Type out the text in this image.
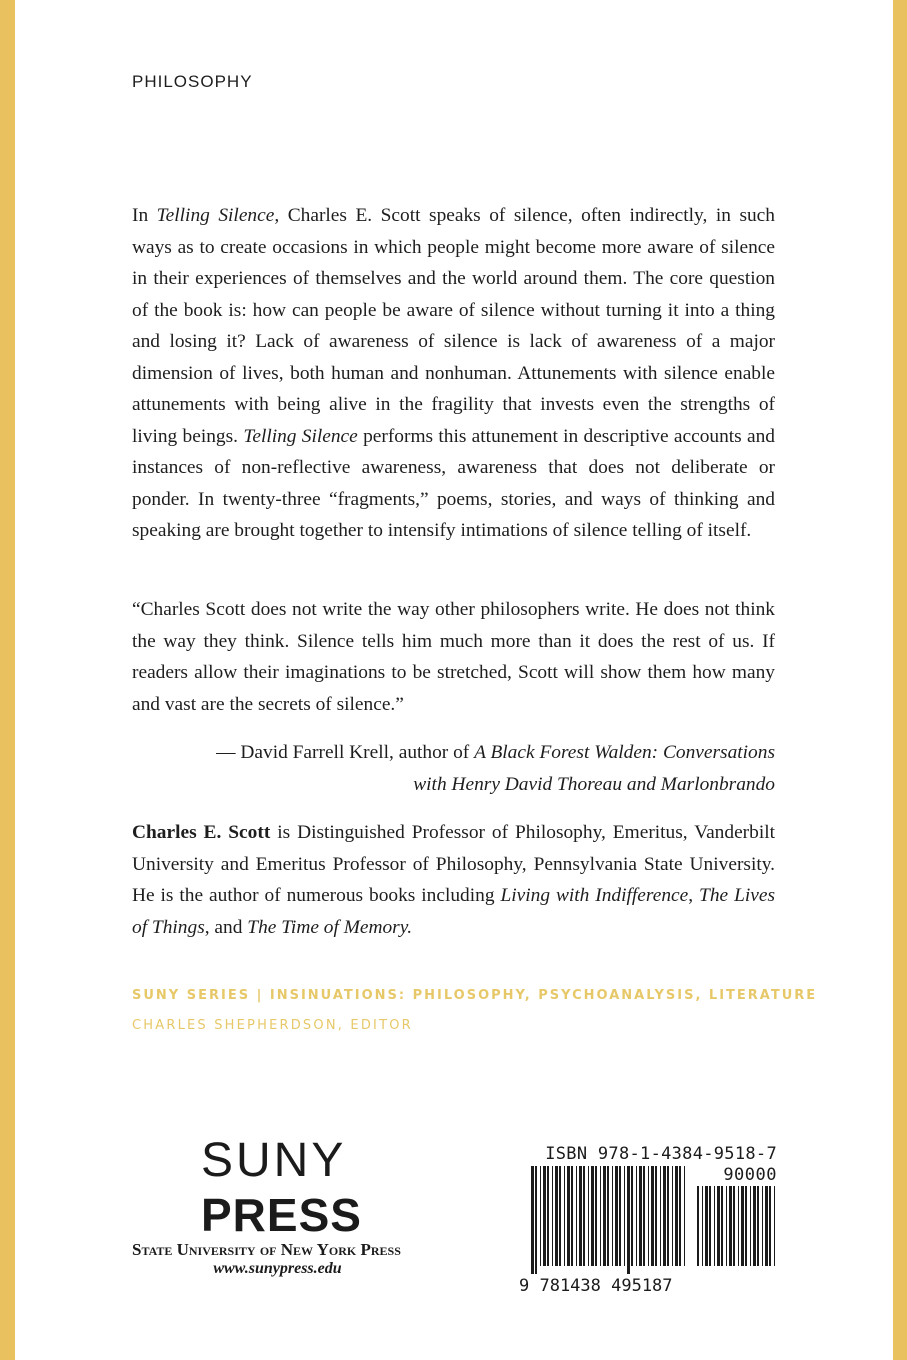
PHILOSOPHY

In Telling Silence, Charles E. Scott speaks of silence, often indirectly, in such ways as to create occasions in which people might become more aware of silence in their experiences of themselves and the world around them. The core question of the book is: how can people be aware of silence without turning it into a thing and losing it? Lack of awareness of silence is lack of awareness of a major dimension of lives, both human and nonhuman. Attunements with silence enable attunements with being alive in the fragility that invests even the strengths of living beings. Telling Silence performs this attunement in descriptive accounts and instances of non-reflective awareness, awareness that does not deliberate or ponder. In twenty-three “fragments,” poems, stories, and ways of thinking and speaking are brought together to intensify intimations of silence telling of itself.

“Charles Scott does not write the way other philosophers write. He does not think the way they think. Silence tells him much more than it does the rest of us. If readers allow their imaginations to be stretched, Scott will show them how many and vast are the secrets of silence.”

— David Farrell Krell, author of A Black Forest Walden: Conversations
with Henry David Thoreau and Marlonbrando

Charles E. Scott is Distinguished Professor of Philosophy, Emeritus, Vanderbilt University and Emeritus Professor of Philosophy, Pennsylvania State University. He is the author of numerous books including Living with Indifference, The Lives of Things, and The Time of Memory.

SUNY SERIES | INSINUATIONS: PHILOSOPHY, PSYCHOANALYSIS, LITERATURE
CHARLES SHEPHERDSON, EDITOR
SUNY
PRESS
State University of New York Press
www.sunypress.edu
ISBN 978-1-4384-9518-7
90000
9 781438 495187
